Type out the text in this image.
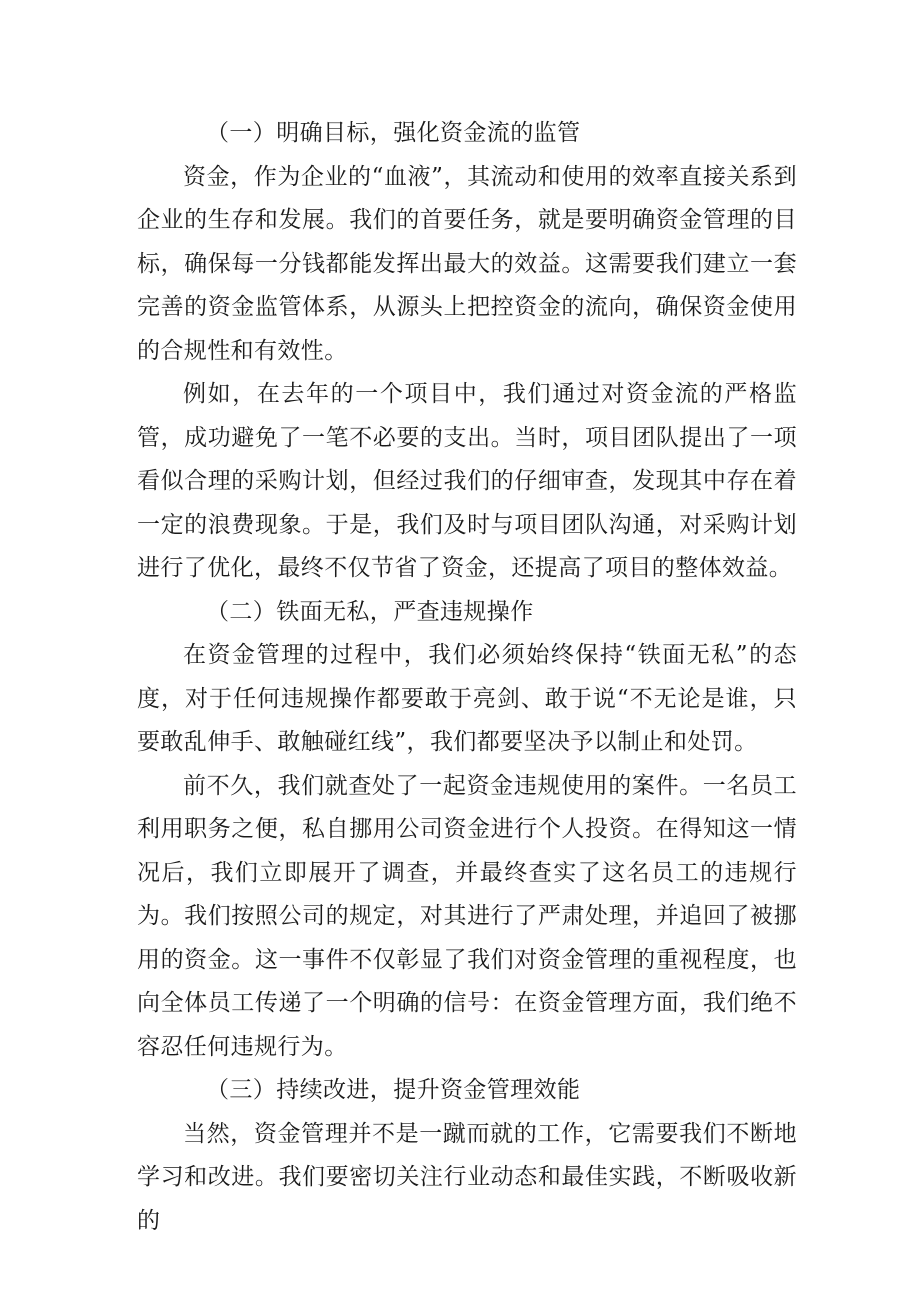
（一）明确目标，强化资金流的监管

资金，作为企业的“血液”，其流动和使用的效率直接关系到企业的生存和发展。我们的首要任务，就是要明确资金管理的目标，确保每一分钱都能发挥出最大的效益。这需要我们建立一套完善的资金监管体系，从源头上把控资金的流向，确保资金使用的合规性和有效性。

例如，在去年的一个项目中，我们通过对资金流的严格监管，成功避免了一笔不必要的支出。当时，项目团队提出了一项看似合理的采购计划，但经过我们的仔细审查，发现其中存在着一定的浪费现象。于是，我们及时与项目团队沟通，对采购计划进行了优化，最终不仅节省了资金，还提高了项目的整体效益。

（二）铁面无私，严查违规操作

在资金管理的过程中，我们必须始终保持“铁面无私”的态度，对于任何违规操作都要敢于亮剑、敢于说“不无论是谁，只要敢乱伸手、敢触碰红线”，我们都要坚决予以制止和处罚。

前不久，我们就查处了一起资金违规使用的案件。一名员工利用职务之便，私自挪用公司资金进行个人投资。在得知这一情况后，我们立即展开了调查，并最终查实了这名员工的违规行为。我们按照公司的规定，对其进行了严肃处理，并追回了被挪用的资金。这一事件不仅彰显了我们对资金管理的重视程度，也向全体员工传递了一个明确的信号：在资金管理方面，我们绝不容忍任何违规行为。

（三）持续改进，提升资金管理效能

当然，资金管理并不是一蹴而就的工作，它需要我们不断地学习和改进。我们要密切关注行业动态和最佳实践，不断吸收新的
